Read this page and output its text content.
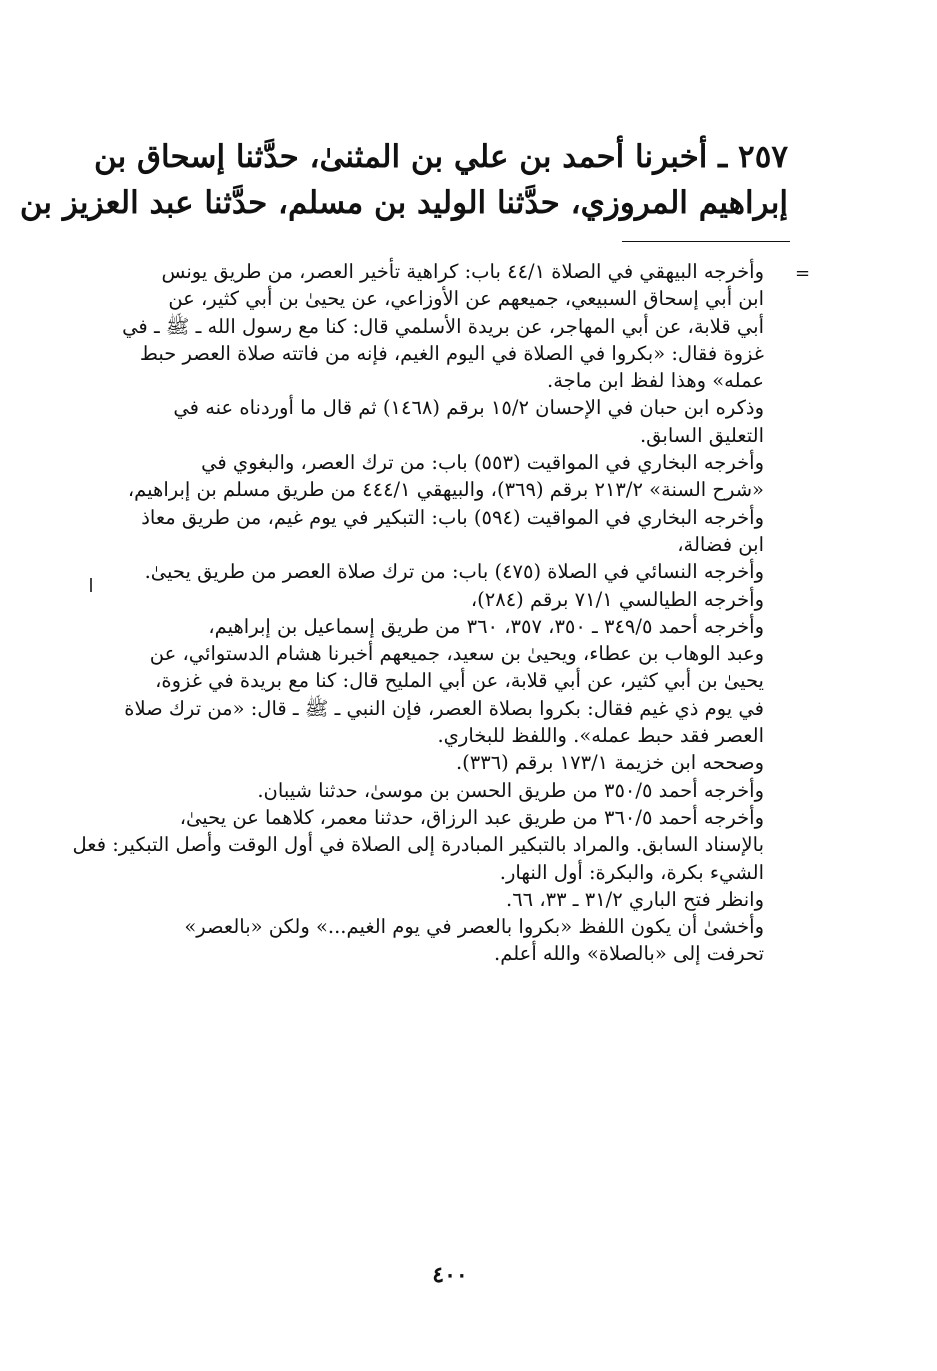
٢٥٧ ـ أخبرنا أحمد بن علي بن المثنىٰ، حدَّثنا إسحاق بن
إبراهيم المروزي، حدَّثنا الوليد بن مسلم، حدَّثنا عبد العزيز بن
=

وأخرجه البيهقي في الصلاة ٤٤/١ باب: كراهية تأخير العصر، من طريق يونس
ابن أبي إسحاق السبيعي، جميعهم عن الأوزاعي، عن يحيىٰ بن أبي كثير، عن
أبي قلابة، عن أبي المهاجر، عن بريدة الأسلمي قال: كنا مع رسول الله ـ ﷺ ـ في
غزوة فقال: «بكروا في الصلاة في اليوم الغيم، فإنه من فاتته صلاة العصر حبط
عمله» وهذا لفظ ابن ماجة.

وذكره ابن حبان في الإحسان ١٥/٢ برقم (١٤٦٨) ثم قال ما أوردناه عنه في
التعليق السابق.

وأخرجه البخاري في المواقيت (٥٥٣) باب: من ترك العصر، والبغوي في
«شرح السنة» ٢١٣/٢ برقم (٣٦٩)، والبيهقي ٤٤٤/١ من طريق مسلم بن إبراهيم،

وأخرجه البخاري في المواقيت (٥٩٤) باب: التبكير في يوم غيم، من طريق معاذ
ابن فضالة،

وأخرجه النسائي في الصلاة (٤٧٥) باب: من ترك صلاة العصر من طريق يحيىٰ.

وأخرجه الطيالسي ٧١/١ برقم (٢٨٤)،

وأخرجه أحمد ٣٤٩/٥ ـ ٣٥٠، ٣٥٧، ٣٦٠ من طريق إسماعيل بن إبراهيم،
وعبد الوهاب بن عطاء، ويحيىٰ بن سعيد، جميعهم أخبرنا هشام الدستوائي، عن
يحيىٰ بن أبي كثير، عن أبي قلابة، عن أبي المليح قال: كنا مع بريدة في غزوة،
في يوم ذي غيم فقال: بكروا بصلاة العصر، فإن النبي ـ ﷺ ـ قال: «من ترك صلاة
العصر فقد حبط عمله». واللفظ للبخاري.

وصححه ابن خزيمة ١٧٣/١ برقم (٣٣٦).

وأخرجه أحمد ٣٥٠/٥ من طريق الحسن بن موسىٰ، حدثنا شيبان.

وأخرجه أحمد ٣٦٠/٥ من طريق عبد الرزاق، حدثنا معمر، كلاهما عن يحيىٰ،
بالإسناد السابق. والمراد بالتبكير المبادرة إلى الصلاة في أول الوقت وأصل التبكير: فعل
الشيء بكرة، والبكرة: أول النهار.

وانظر فتح الباري ٣١/٢ ـ ٣٣، ٦٦.

وأخشىٰ أن يكون اللفظ «بكروا بالعصر في يوم الغيم...» ولكن «بالعصر»
تحرفت إلى «بالصلاة» والله أعلم.

٤٠٠
